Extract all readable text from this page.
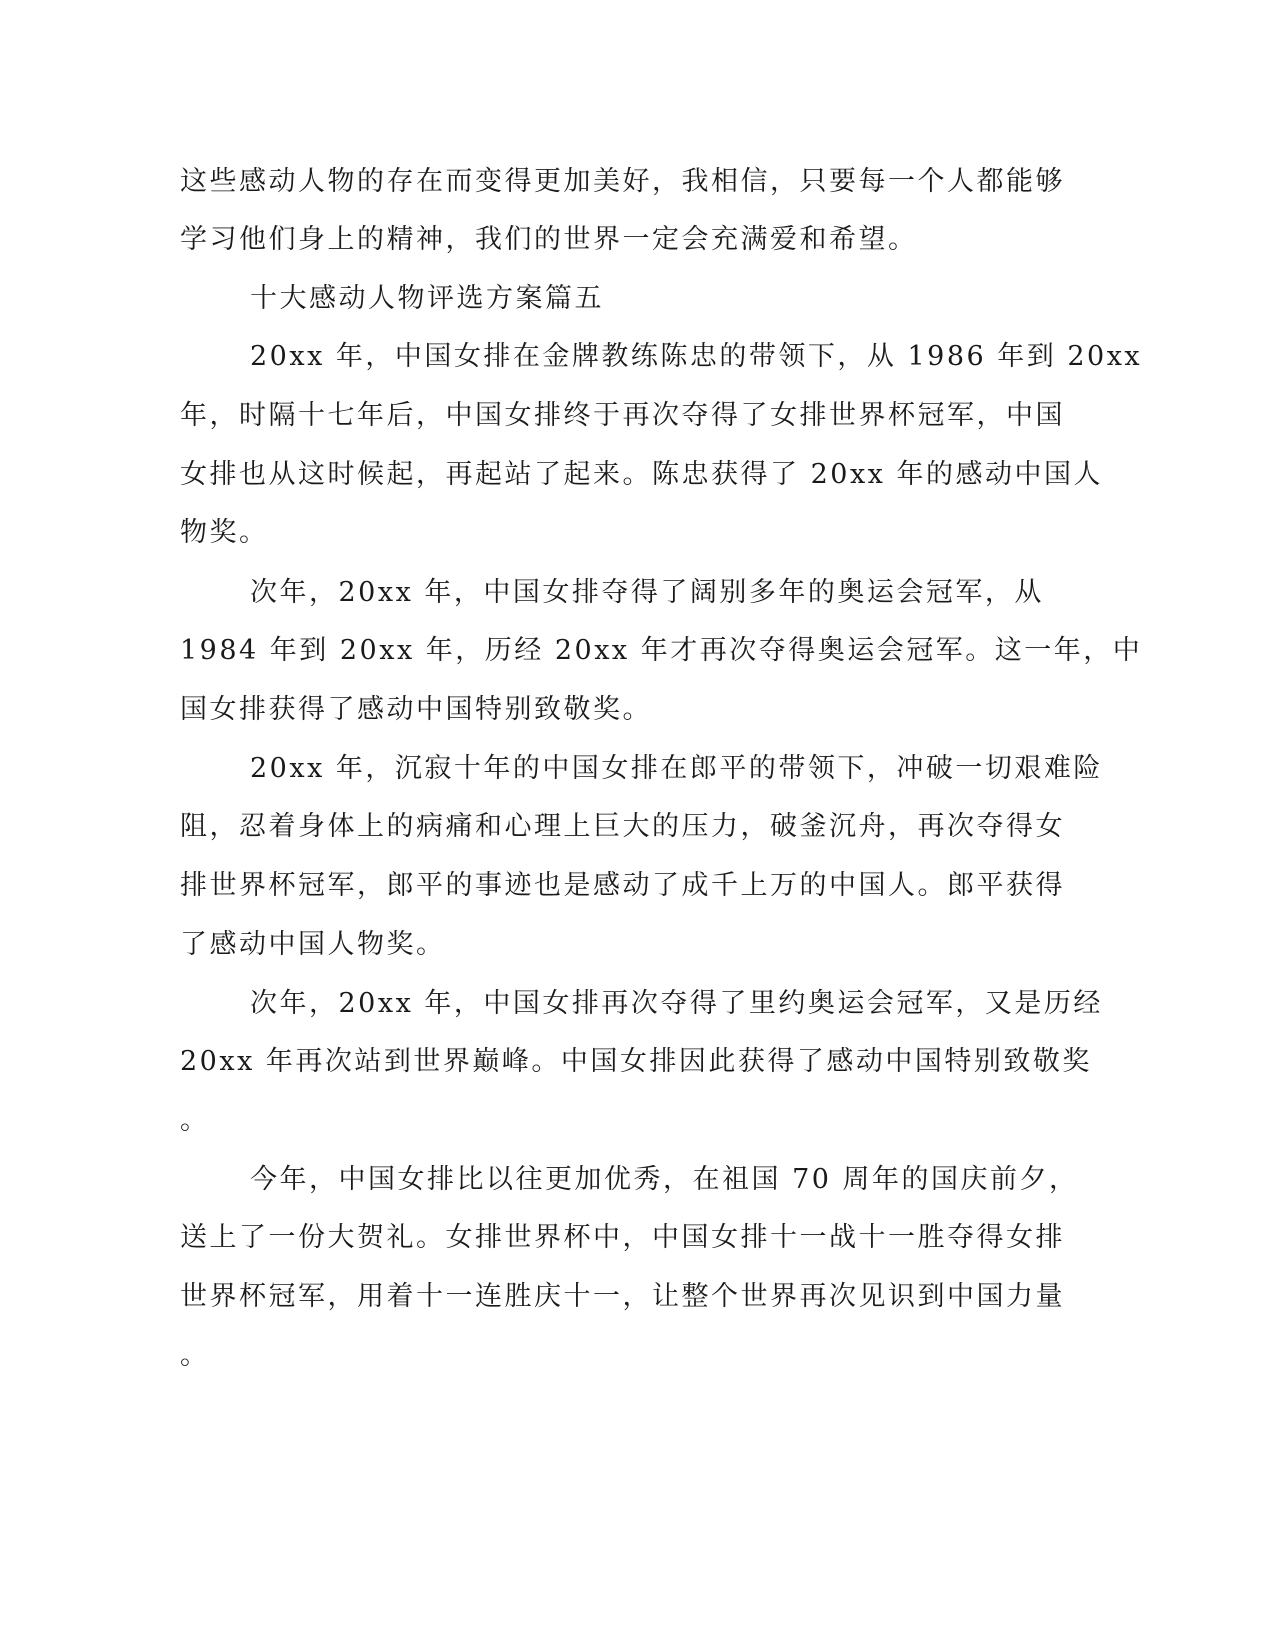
这些感动人物的存在而变得更加美好，我相信，只要每一个人都能够
学习他们身上的精神，我们的世界一定会充满爱和希望。
十大感动人物评选方案篇五
20xx 年，中国女排在金牌教练陈忠的带领下，从 1986 年到 20xx
年，时隔十七年后，中国女排终于再次夺得了女排世界杯冠军，中国
女排也从这时候起，再起站了起来。陈忠获得了 20xx 年的感动中国人
物奖。
次年，20xx 年，中国女排夺得了阔别多年的奥运会冠军，从
1984 年到 20xx 年，历经 20xx 年才再次夺得奥运会冠军。这一年，中
国女排获得了感动中国特别致敬奖。
20xx 年，沉寂十年的中国女排在郎平的带领下，冲破一切艰难险
阻，忍着身体上的病痛和心理上巨大的压力，破釜沉舟，再次夺得女
排世界杯冠军，郎平的事迹也是感动了成千上万的中国人。郎平获得
了感动中国人物奖。
次年，20xx 年，中国女排再次夺得了里约奥运会冠军，又是历经
20xx 年再次站到世界巅峰。中国女排因此获得了感动中国特别致敬奖
。
今年，中国女排比以往更加优秀，在祖国 70 周年的国庆前夕，
送上了一份大贺礼。女排世界杯中，中国女排十一战十一胜夺得女排
世界杯冠军，用着十一连胜庆十一，让整个世界再次见识到中国力量
。
